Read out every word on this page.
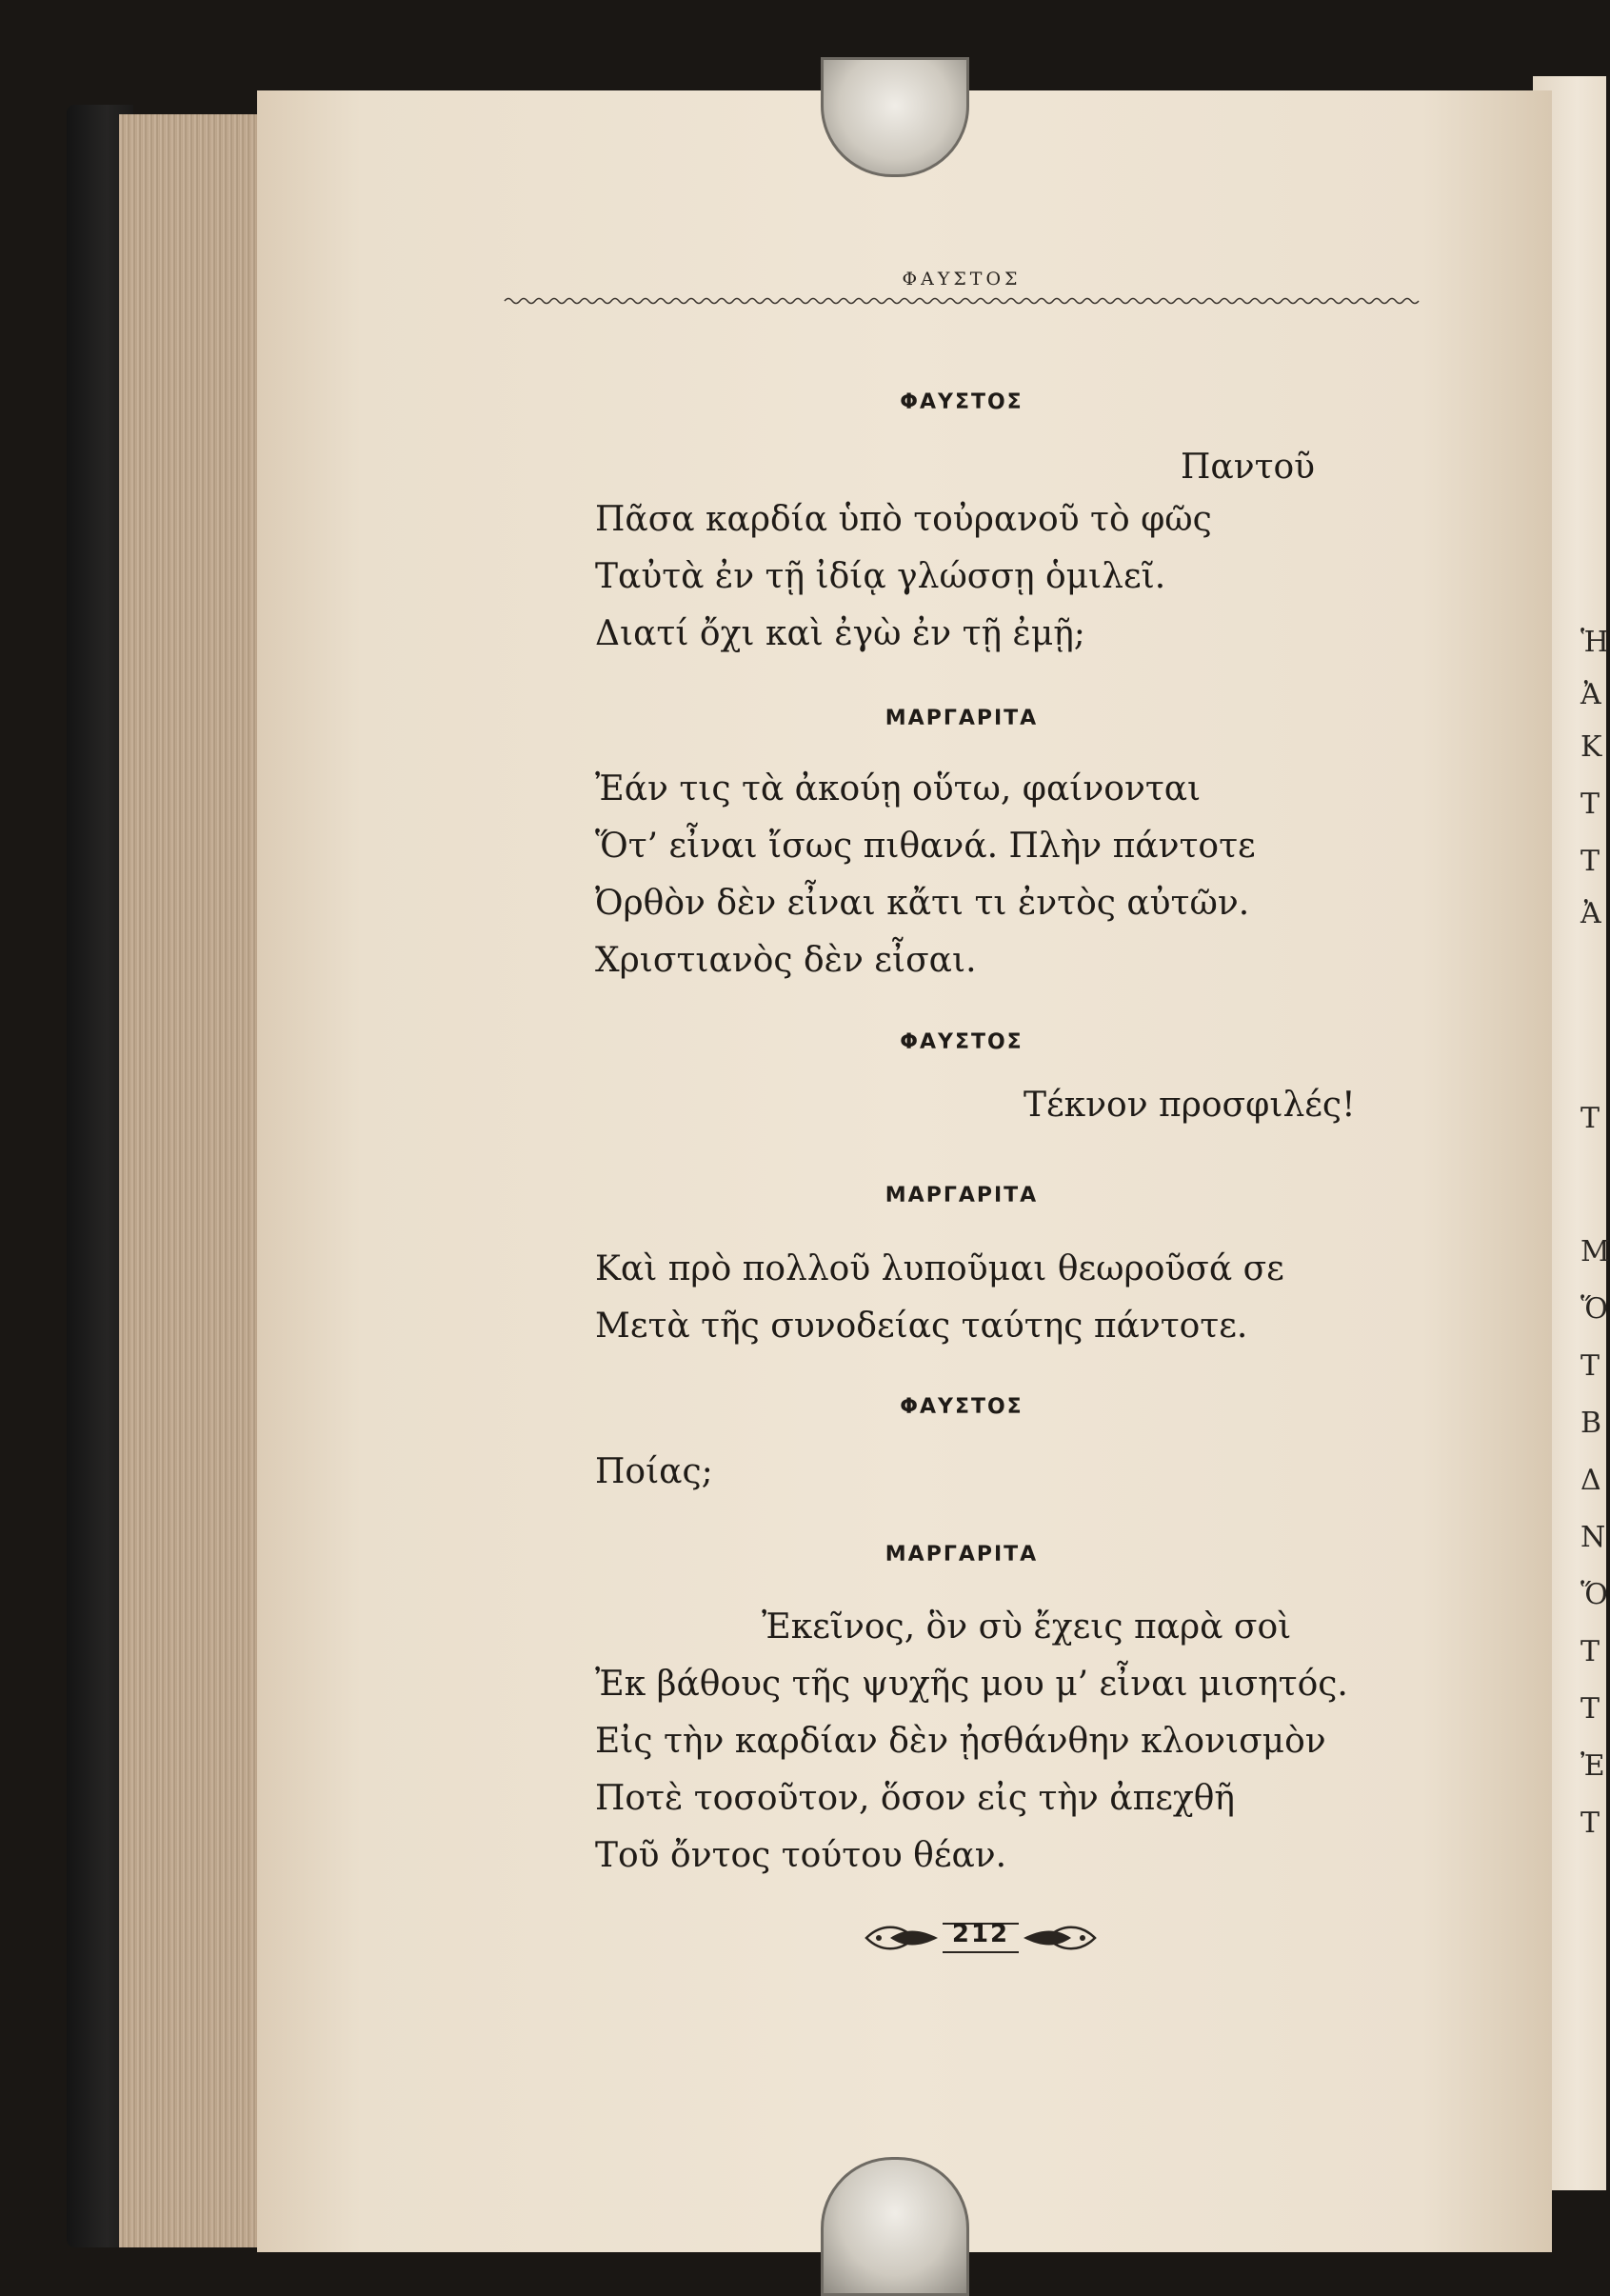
ΦΑΥΣΤΟΣ
ΦΑΥΣΤΟΣ
Παντοῦ
Πᾶσα καρδία ὑπὸ τοὐρανοῦ τὸ φῶς
Ταὐτὰ ἐν τῇ ἰδίᾳ γλώσσῃ ὁμιλεῖ.
Διατί ὄχι καὶ ἐγὼ ἐν τῇ ἐμῇ;
ΜΑΡΓΑΡΙΤΑ
Ἐάν τις τὰ ἀκούῃ οὕτω, φαίνονται
Ὅτ’ εἶναι ἴσως πιθανά. Πλὴν πάντοτε
Ὀρθὸν δὲν εἶναι κἄτι τι ἐντὸς αὐτῶν.
Χριστιανὸς δὲν εἶσαι.
ΦΑΥΣΤΟΣ
Τέκνον προσφιλές!
ΜΑΡΓΑΡΙΤΑ
Καὶ πρὸ πολλοῦ λυποῦμαι θεωροῦσά σε
Μετὰ τῆς συνοδείας ταύτης πάντοτε.
ΦΑΥΣΤΟΣ
Ποίας;
ΜΑΡΓΑΡΙΤΑ
Ἐκεῖνος, ὃν σὺ ἔχεις παρὰ σοὶ
Ἐκ βάθους τῆς ψυχῆς μου μ’ εἶναι μισητός.
Εἰς τὴν καρδίαν δὲν ᾐσθάνθην κλονισμὸν
Ποτὲ τοσοῦτον, ὅσον εἰς τὴν ἀπεχθῆ
Τοῦ ὄντος τούτου θέαν.
212
Ἡ
Ἀ
Κ
Τ
Τ
Ἀ
Τ
Μ
Ὅ
Τ
Β
Δ
Ν
Ὅ
Τ
Τ
Ἐ
Τ
